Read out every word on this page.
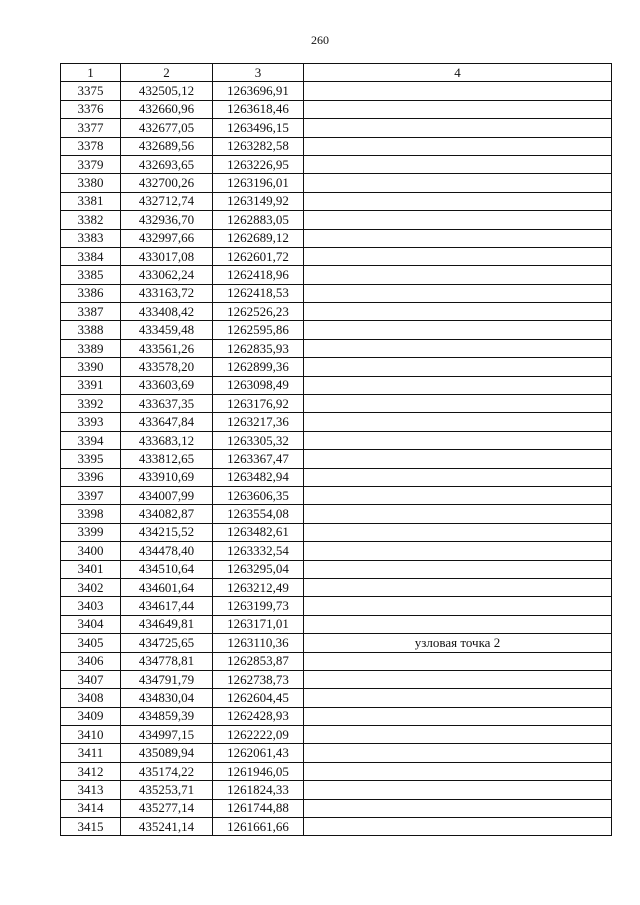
260
1	2	3	4
3375	432505,12	1263696,91	
3376	432660,96	1263618,46	
3377	432677,05	1263496,15	
3378	432689,56	1263282,58	
3379	432693,65	1263226,95	
3380	432700,26	1263196,01	
3381	432712,74	1263149,92	
3382	432936,70	1262883,05	
3383	432997,66	1262689,12	
3384	433017,08	1262601,72	
3385	433062,24	1262418,96	
3386	433163,72	1262418,53	
3387	433408,42	1262526,23	
3388	433459,48	1262595,86	
3389	433561,26	1262835,93	
3390	433578,20	1262899,36	
3391	433603,69	1263098,49	
3392	433637,35	1263176,92	
3393	433647,84	1263217,36	
3394	433683,12	1263305,32	
3395	433812,65	1263367,47	
3396	433910,69	1263482,94	
3397	434007,99	1263606,35	
3398	434082,87	1263554,08	
3399	434215,52	1263482,61	
3400	434478,40	1263332,54	
3401	434510,64	1263295,04	
3402	434601,64	1263212,49	
3403	434617,44	1263199,73	
3404	434649,81	1263171,01	
3405	434725,65	1263110,36	узловая точка 2
3406	434778,81	1262853,87	
3407	434791,79	1262738,73	
3408	434830,04	1262604,45	
3409	434859,39	1262428,93	
3410	434997,15	1262222,09	
3411	435089,94	1262061,43	
3412	435174,22	1261946,05	
3413	435253,71	1261824,33	
3414	435277,14	1261744,88	
3415	435241,14	1261661,66	
